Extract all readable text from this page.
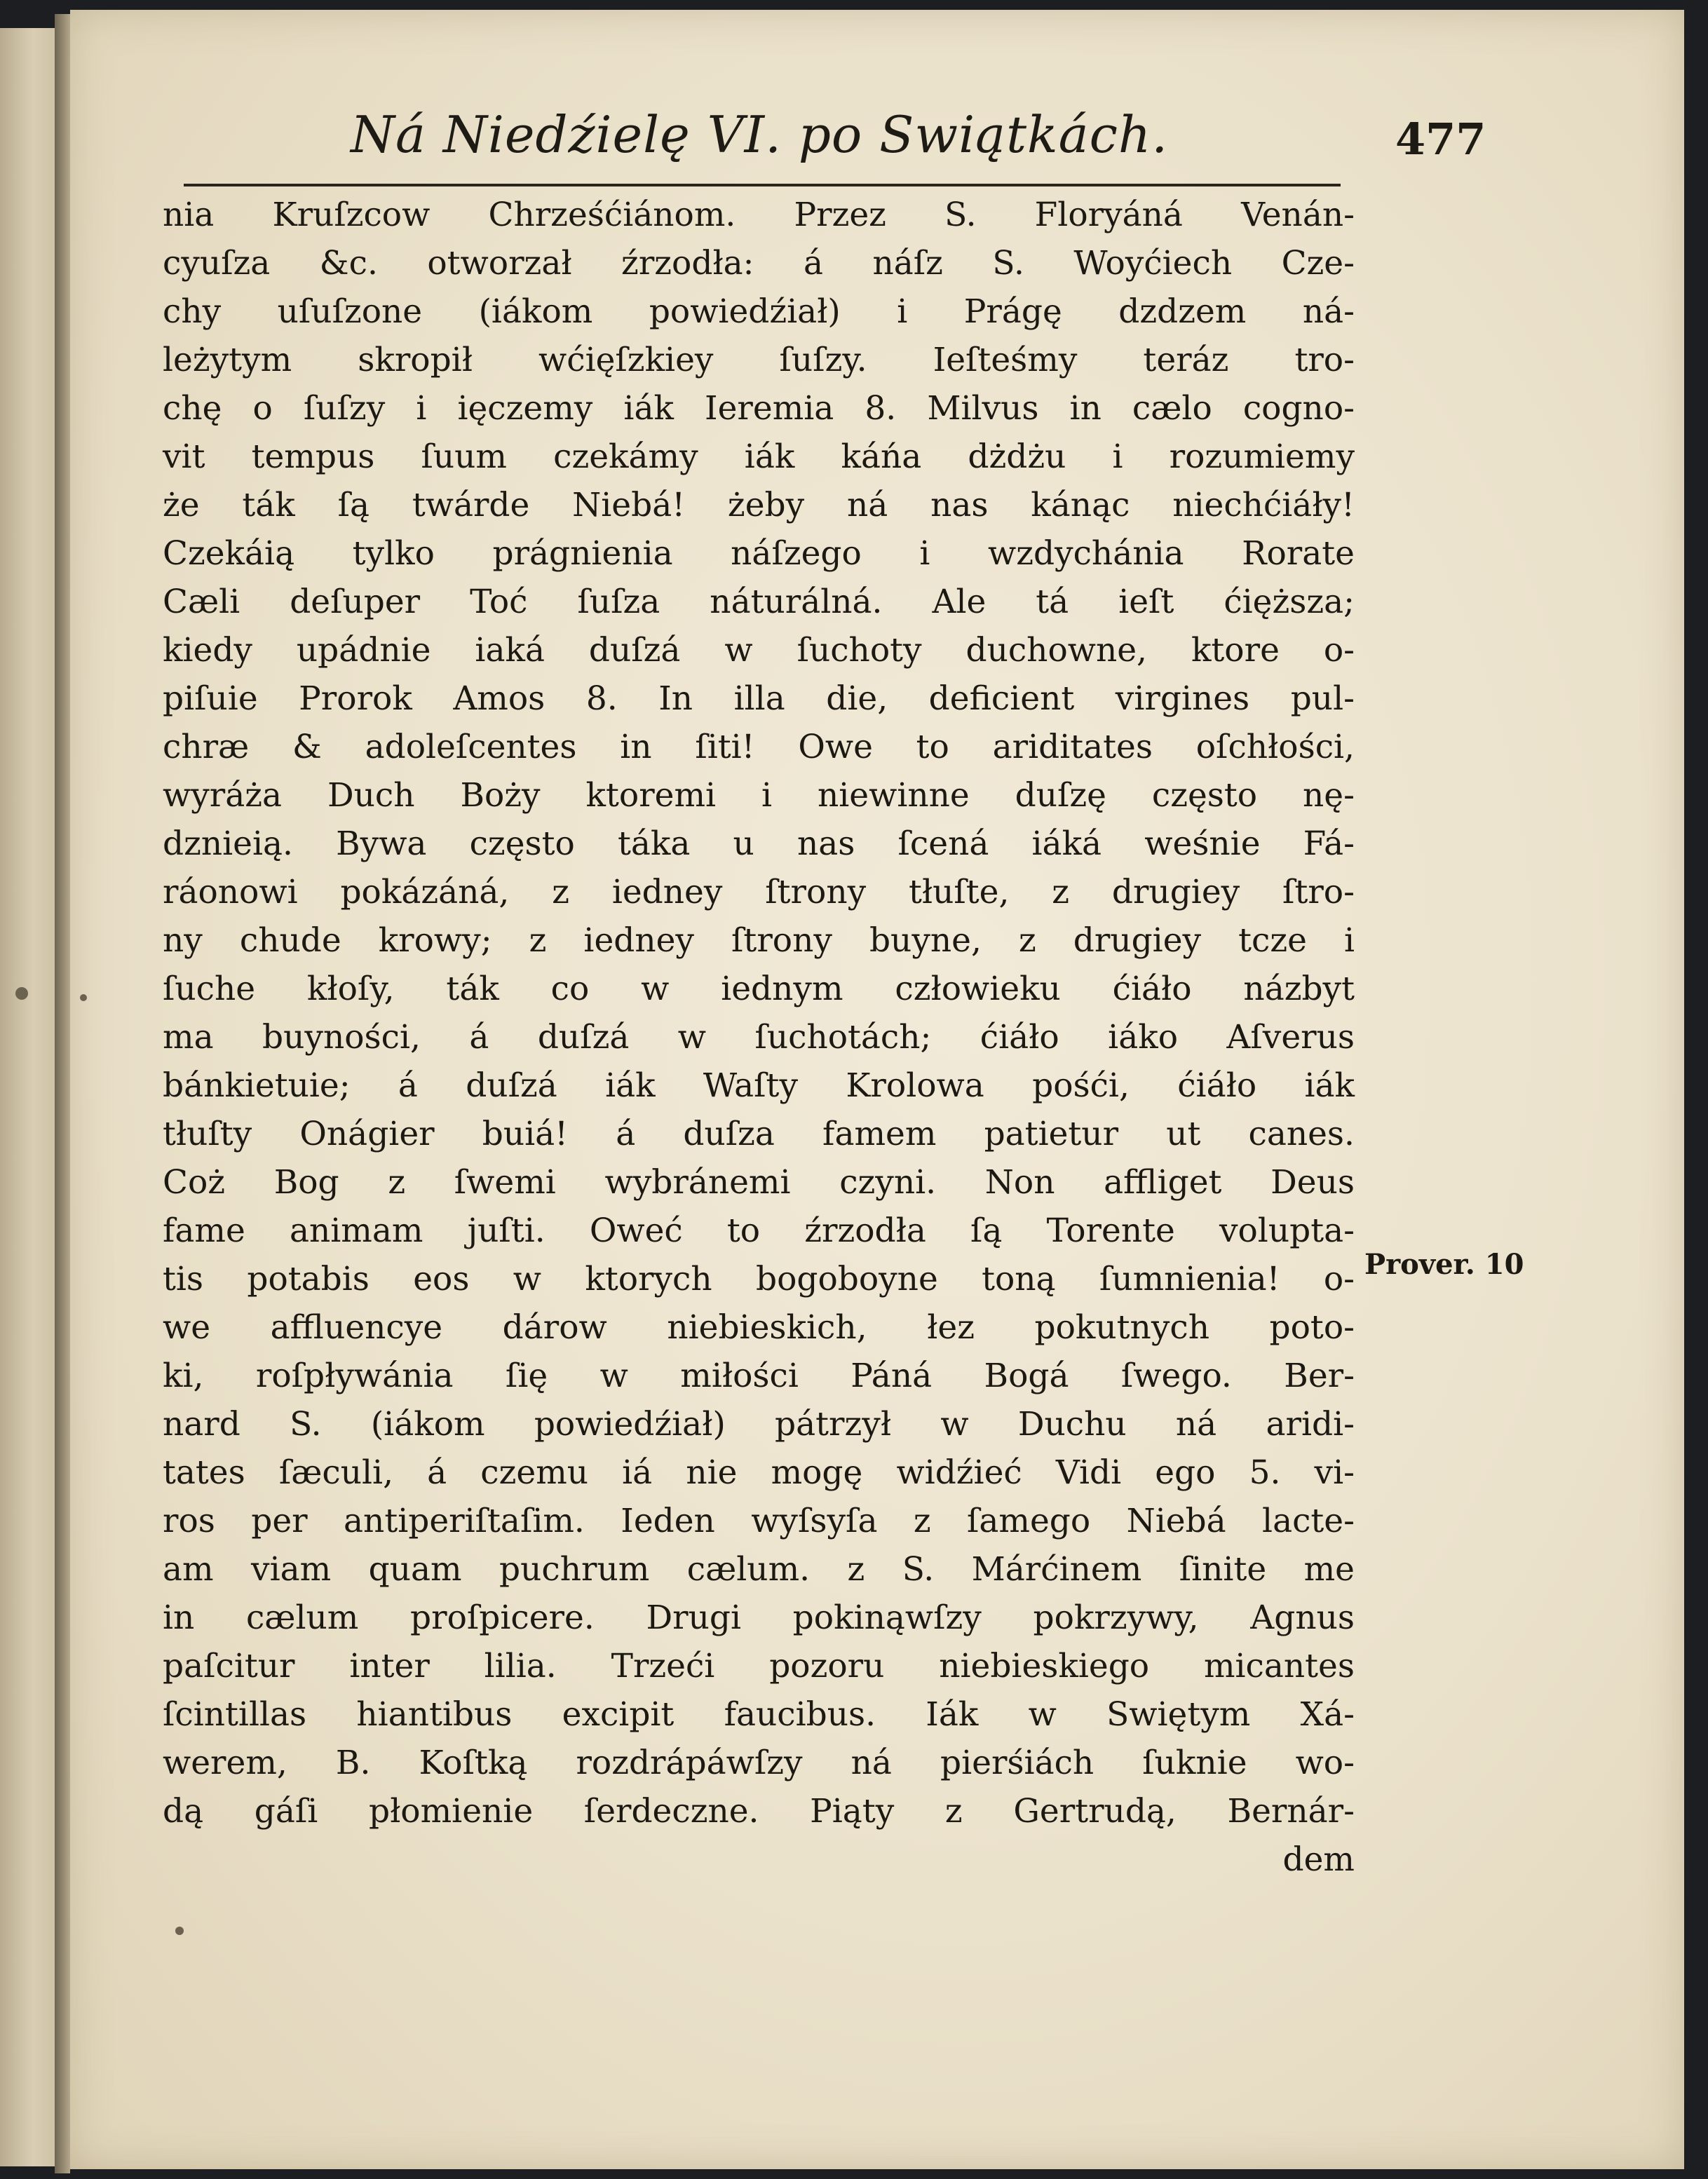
Ná Niedźielę VI. po Swiątkách.	477
nia Kruſzcow Chrześćiánom. Przez S. Floryáná Venán-
cyuſza &c. otworzał źrzodła: á náſz S. Woyćiech Cze-
chy uſuſzone (iákom powiedźiał) i Prágę dzdzem ná-
leżytym skropił wćięſzkiey ſuſzy. Ieſteśmy teráz tro-
chę o ſuſzy i ięczemy iák Ieremia 8. Milvus in cælo cogno-
vit tempus ſuum czekámy iák káńa dżdżu i rozumiemy
że ták ſą twárde Niebá! żeby ná nas kánąc niechćiáły!
Czekáią tylko prágnienia náſzego i wzdychánia Rorate
Cæli deſuper Toć ſuſza náturálná. Ale tá ieſt ćięższa;
kiedy upádnie iaká duſzá w ſuchoty duchowne, ktore o-
piſuie Prorok Amos 8. In illa die, deficient virgines pul-
chræ & adoleſcentes in ſiti! Owe to ariditates oſchłości,
wyráża Duch Boży ktoremi i niewinne duſzę często nę-
dznieią. Bywa często táka u nas ſcená iáká weśnie Fá-
ráonowi pokázáná, z iedney ſtrony tłuſte, z drugiey ſtro-
ny chude krowy; z iedney ſtrony buyne, z drugiey tcze i
ſuche kłoſy, ták co w iednym człowieku ćiáło názbyt
ma buyności, á duſzá w ſuchotách; ćiáło iáko Aſverus
bánkietuie; á duſzá iák Waſty Krolowa pośći, ćiáło iák
tłuſty Onágier buiá! á duſza famem patietur ut canes.
Coż Bog z ſwemi wybránemi czyni. Non affliget Deus
fame animam juſti. Oweć to źrzodła ſą Torente volupta-
tis potabis eos w ktorych bogoboyne toną ſumnienia! o-
we affluencye dárow niebieskich, łez pokutnych poto-
ki, roſpływánia ſię w miłości Páná Bogá ſwego. Ber-
nard S. (iákom powiedźiał) pátrzył w Duchu ná aridi-
tates ſæculi, á czemu iá nie mogę widźieć Vidi ego 5. vi-
ros per antiperiſtaſim. Ieden wyſsyſa z ſamego Niebá lacte-
am viam quam puchrum cælum. z S. Márćinem ſinite me
in cælum proſpicere. Drugi pokinąwſzy pokrzywy, Agnus
paſcitur inter lilia. Trzeći pozoru niebieskiego micantes
ſcintillas hiantibus excipit faucibus. Iák w Swiętym Xá-
werem, B. Koſtką rozdrápáwſzy ná pierśiách ſuknie wo-
dą gáſi płomienie ſerdeczne. Piąty z Gertrudą, Bernár-
dem
Prover. 10
